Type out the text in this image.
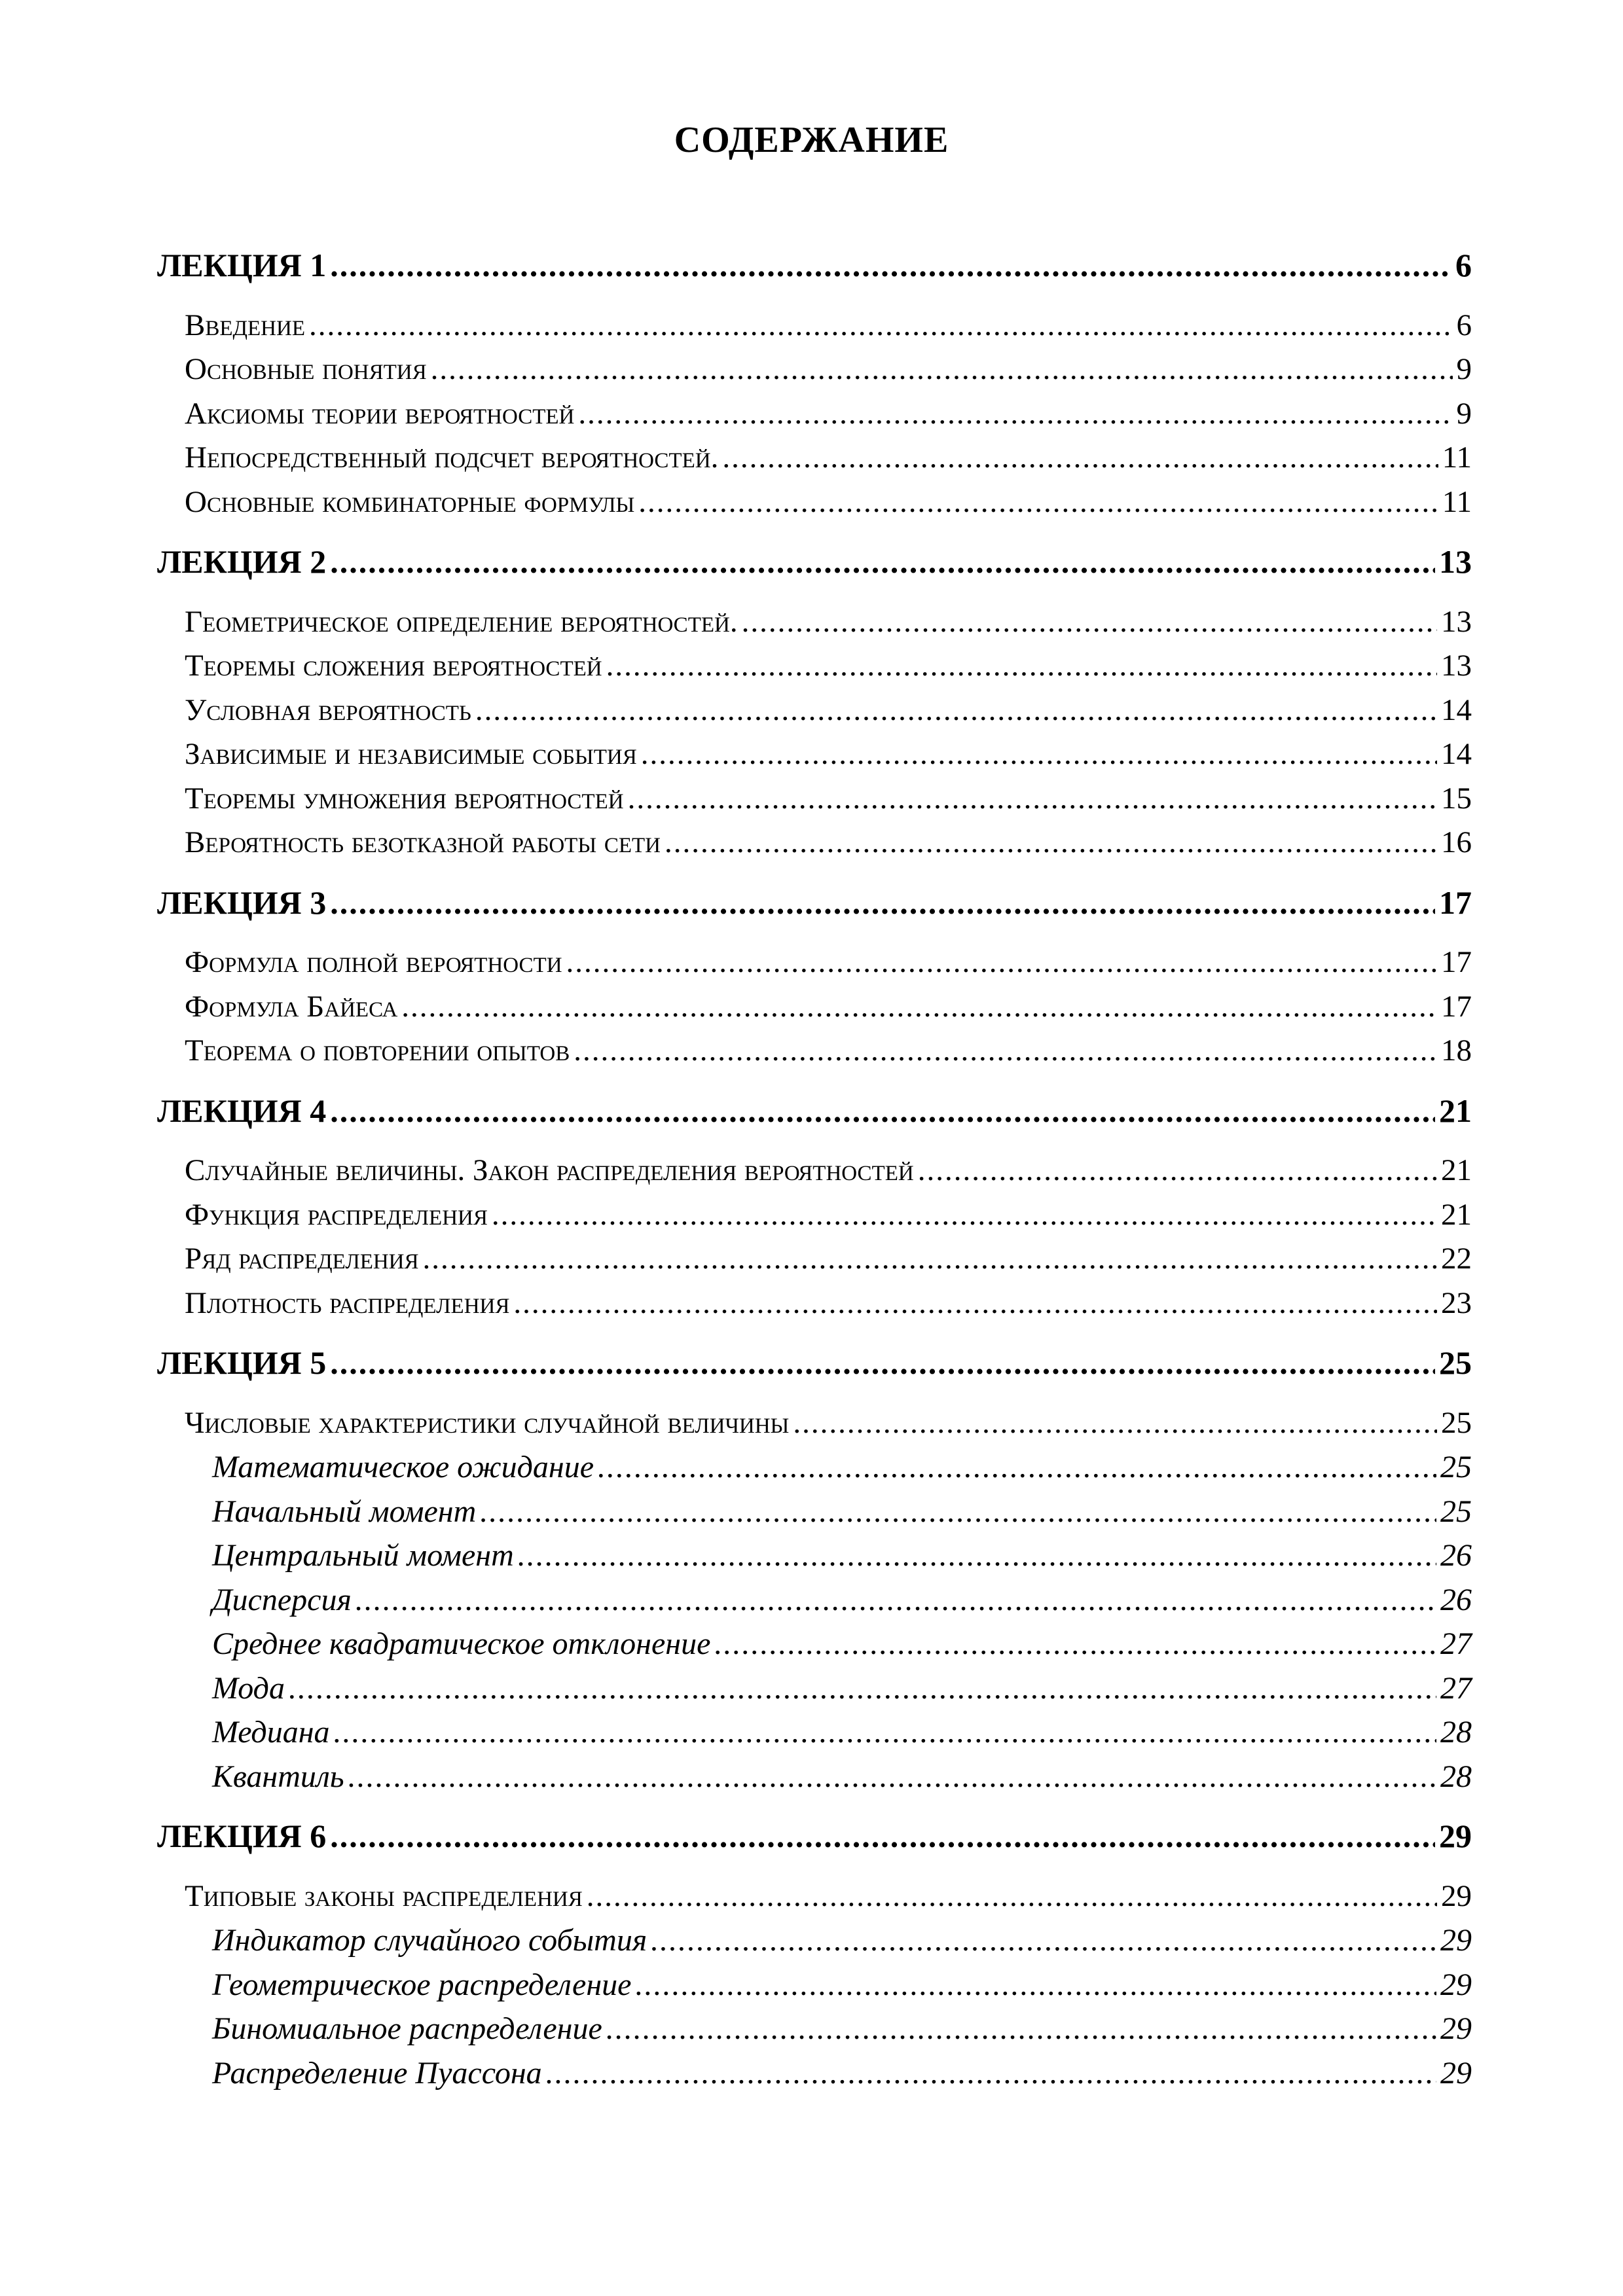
СОДЕРЖАНИЕ
ЛЕКЦИЯ 1 .....	6
Введение .....	6
Основные понятия .....	9
Аксиомы теории вероятностей .....	9
Непосредственный подсчет вероятностей. .....	11
Основные комбинаторные формулы .....	11
ЛЕКЦИЯ 2 .....	13
Геометрическое определение вероятностей. .....	13
Теоремы сложения вероятностей .....	13
Условная вероятность .....	14
Зависимые и независимые события .....	14
Теоремы умножения вероятностей .....	15
Вероятность безотказной работы сети .....	16
ЛЕКЦИЯ 3 .....	17
Формула полной вероятности .....	17
Формула Байеса .....	17
Теорема о повторении опытов .....	18
ЛЕКЦИЯ 4 .....	21
Случайные величины. Закон распределения вероятностей .....	21
Функция распределения .....	21
Ряд распределения .....	22
Плотность распределения .....	23
ЛЕКЦИЯ 5 .....	25
Числовые характеристики случайной величины .....	25
Математическое ожидание .....	25
Начальный момент .....	25
Центральный момент .....	26
Дисперсия .....	26
Среднее квадратическое отклонение .....	27
Мода .....	27
Медиана .....	28
Квантиль .....	28
ЛЕКЦИЯ 6 .....	29
Типовые законы распределения .....	29
Индикатор случайного события .....	29
Геометрическое распределение .....	29
Биномиальное распределение .....	29
Распределение Пуассона .....	29
